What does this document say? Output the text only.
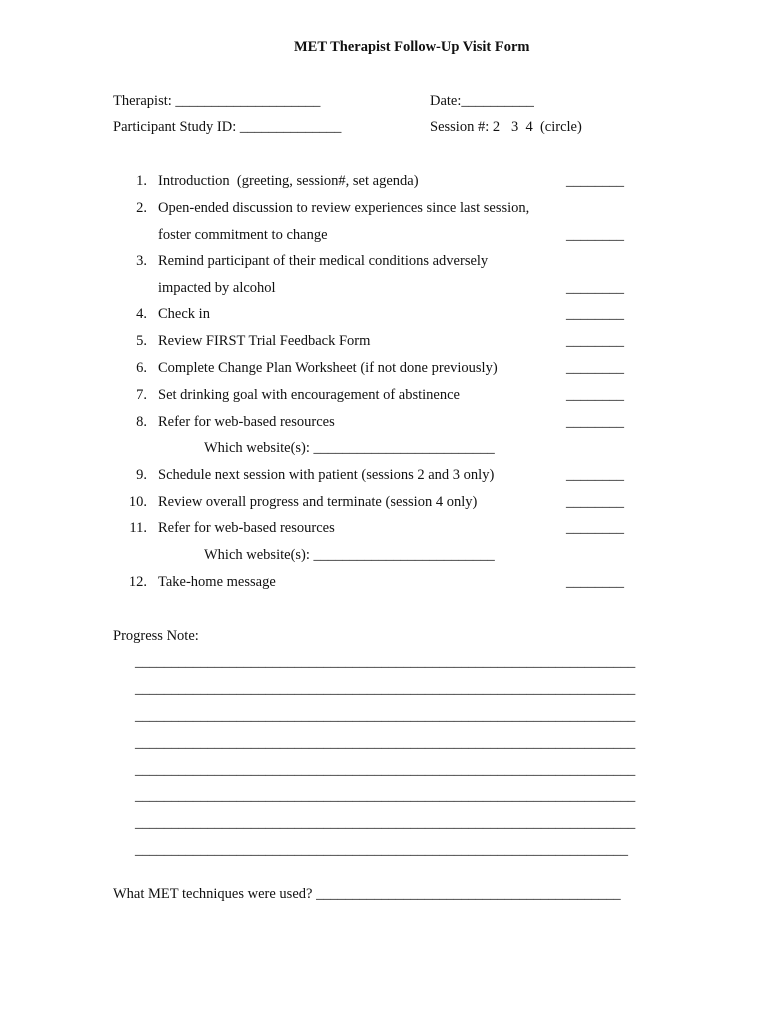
MET Therapist Follow-Up Visit Form
Therapist: ____________________	Date:__________
Participant Study ID: ______________	Session #: 2   3  4  (circle)
1. Introduction  (greeting, session#, set agenda)	________
2. Open-ended discussion to review experiences since last session,
foster commitment to change	________
3. Remind participant of their medical conditions adversely
impacted by alcohol	________
4. Check in	________
5. Review FIRST Trial Feedback Form	________
6. Complete Change Plan Worksheet (if not done previously)	________
7. Set drinking goal with encouragement of abstinence	________
8. Refer for web-based resources	________
Which website(s): _________________________
9. Schedule next session with patient (sessions 2 and 3 only)	________
10. Review overall progress and terminate (session 4 only)	________
11. Refer for web-based resources	________
Which website(s): _________________________
12. Take-home message	________
Progress Note:
_____________________________________________________________________
_____________________________________________________________________
_____________________________________________________________________
_____________________________________________________________________
_____________________________________________________________________
_____________________________________________________________________
_____________________________________________________________________
____________________________________________________________________
What MET techniques were used? __________________________________________
